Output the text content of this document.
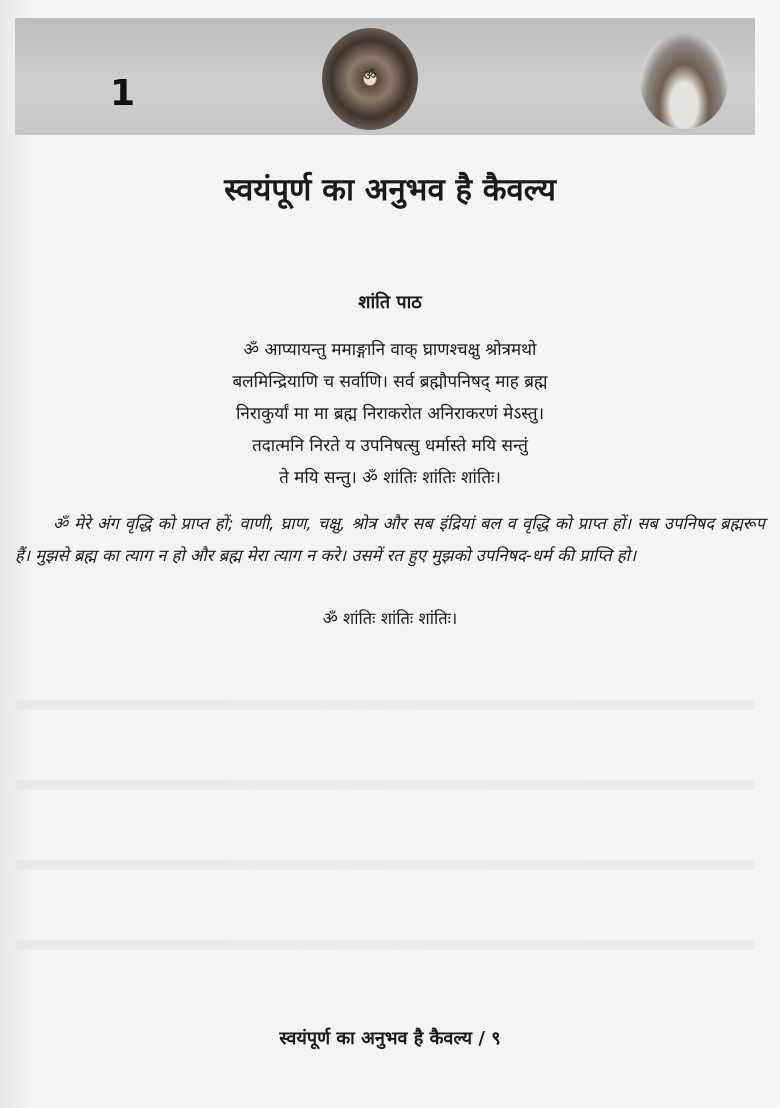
1	ॐ
स्वयंपूर्ण का अनुभव है कैवल्य
शांति पाठ
ॐ आप्यायन्तु ममाङ्गानि वाक् घ्राणश्चक्षु श्रोत्रमथो
बलमिन्द्रियाणि च सर्वाणि। सर्व ब्रह्मौपनिषद् माह ब्रह्म
निराकुर्यां मा मा ब्रह्म निराकरोत अनिराकरणं मेऽस्तु।
तदात्मनि निरते य उपनिषत्सु धर्मास्ते मयि सन्तुं
ते मयि सन्तु। ॐ शांतिः शांतिः शांतिः।
ॐ मेरे अंग वृद्धि को प्राप्त हों; वाणी, घ्राण, चक्षु, श्रोत्र और सब इंद्रियां बल व वृद्धि को प्राप्त हों। सब उपनिषद ब्रह्मरूप हैं। मुझसे ब्रह्म का त्याग न हो और ब्रह्म मेरा त्याग न करे। उसमें रत हुए मुझको उपनिषद-धर्म की प्राप्ति हो।
ॐ शांतिः शांतिः शांतिः।
स्वयंपूर्ण का अनुभव है कैवल्य / ९
